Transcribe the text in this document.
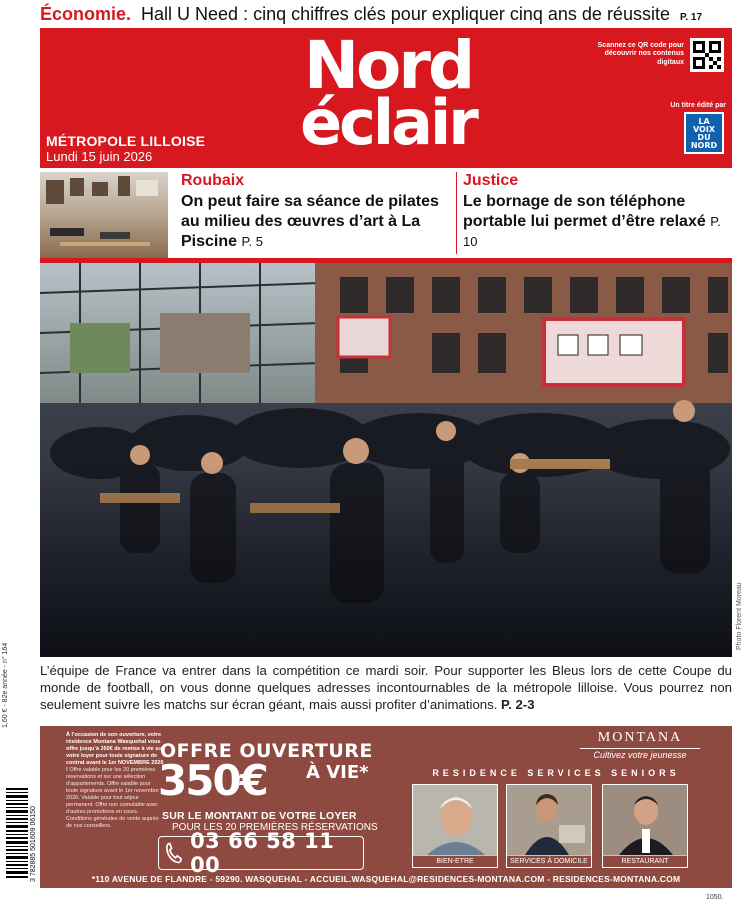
Économie. Hall U Need : cinq chiffres clés pour expliquer cinq ans de réussite P. 17
Nord
éclair
MÉTROPOLE LILLOISE
Lundi 15 juin 2026
Scannez ce QR code pour découvrir nos contenus digitaux
Un titre édité par
LA VOIX DU NORD
Roubaix
On peut faire sa séance de pilates au milieu des œuvres d’art à La Piscine P. 5
Justice
Le bornage de son téléphone portable lui permet d’être relaxé P. 10
Photo Florent Moreau
L’équipe de France va entrer dans la compétition ce mardi soir. Pour supporter les Bleus lors de cette Coupe du monde de football, on vous donne quelques adresses incontournables de la métropole lilloise. Vous pourrez non seulement suivre les matchs sur écran géant, mais aussi profiter d’animations. P. 2-3
1,60 € - 82e année - n° 164
3 782885 501609 06150
À l’occasion de son ouverture, votre résidence Montana Wasquehal vous offre jusqu’à 350€ de remise à vie sur votre loyer pour toute signature de contrat avant le 1er NOVEMBRE 2026 ! Offre valable pour les 20 premières réservations et sur une sélection d’appartements. Offre valable pour toute signature avant le 1er novembre 2026. Valable pour tout séjour permanent. Offre non cumulable avec d’autres promotions en cours. Conditions générales de vente auprès de nos conseillers.
OFFRE OUVERTURE
350€ À VIE*
SUR LE MONTANT DE VOTRE LOYER
POUR LES 20 PREMIÈRES RÉSERVATIONS
03 66 58 11 00
MONTANA
Cultivez votre jeunesse
RESIDENCE SERVICES SENIORS
BIEN-ETRE	SERVICES À DOMICILE	RESTAURANT
*110 AVENUE DE FLANDRE - 59290. WASQUEHAL - ACCUEIL.WASQUEHAL@RESIDENCES-MONTANA.COM - RESIDENCES-MONTANA.COM
1050.
